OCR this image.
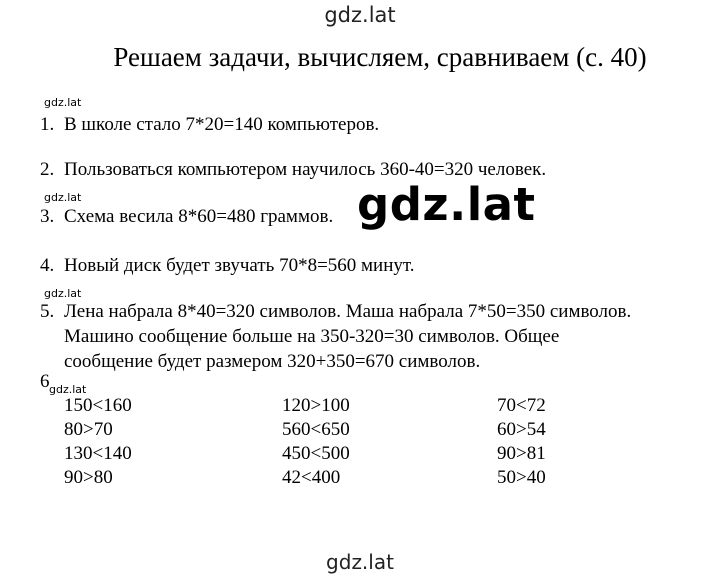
gdz.lat
Решаем задачи, вычисляем, сравниваем (с. 40)
gdz.lat
1. В школе стало 7*20=140 компьютеров.
2. Пользоваться компьютером научилось 360-40=320 человек.
gdz.lat
3. Схема весила 8*60=480 граммов. gdz.lat
4. Новый диск будет звучать 70*8=560 минут.
gdz.lat
5. Лена набрала 8*40=320 символов. Маша набрала 7*50=350 символов.
Машино сообщение больше на 350-320=30 символов. Общее
сообщение будет размером 320+350=670 символов.
6 gdz.lat
150<160
80>70
130<140
90>80
120>100
560<650
450<500
42<400
70<72
60>54
90>81
50>40
gdz.lat
